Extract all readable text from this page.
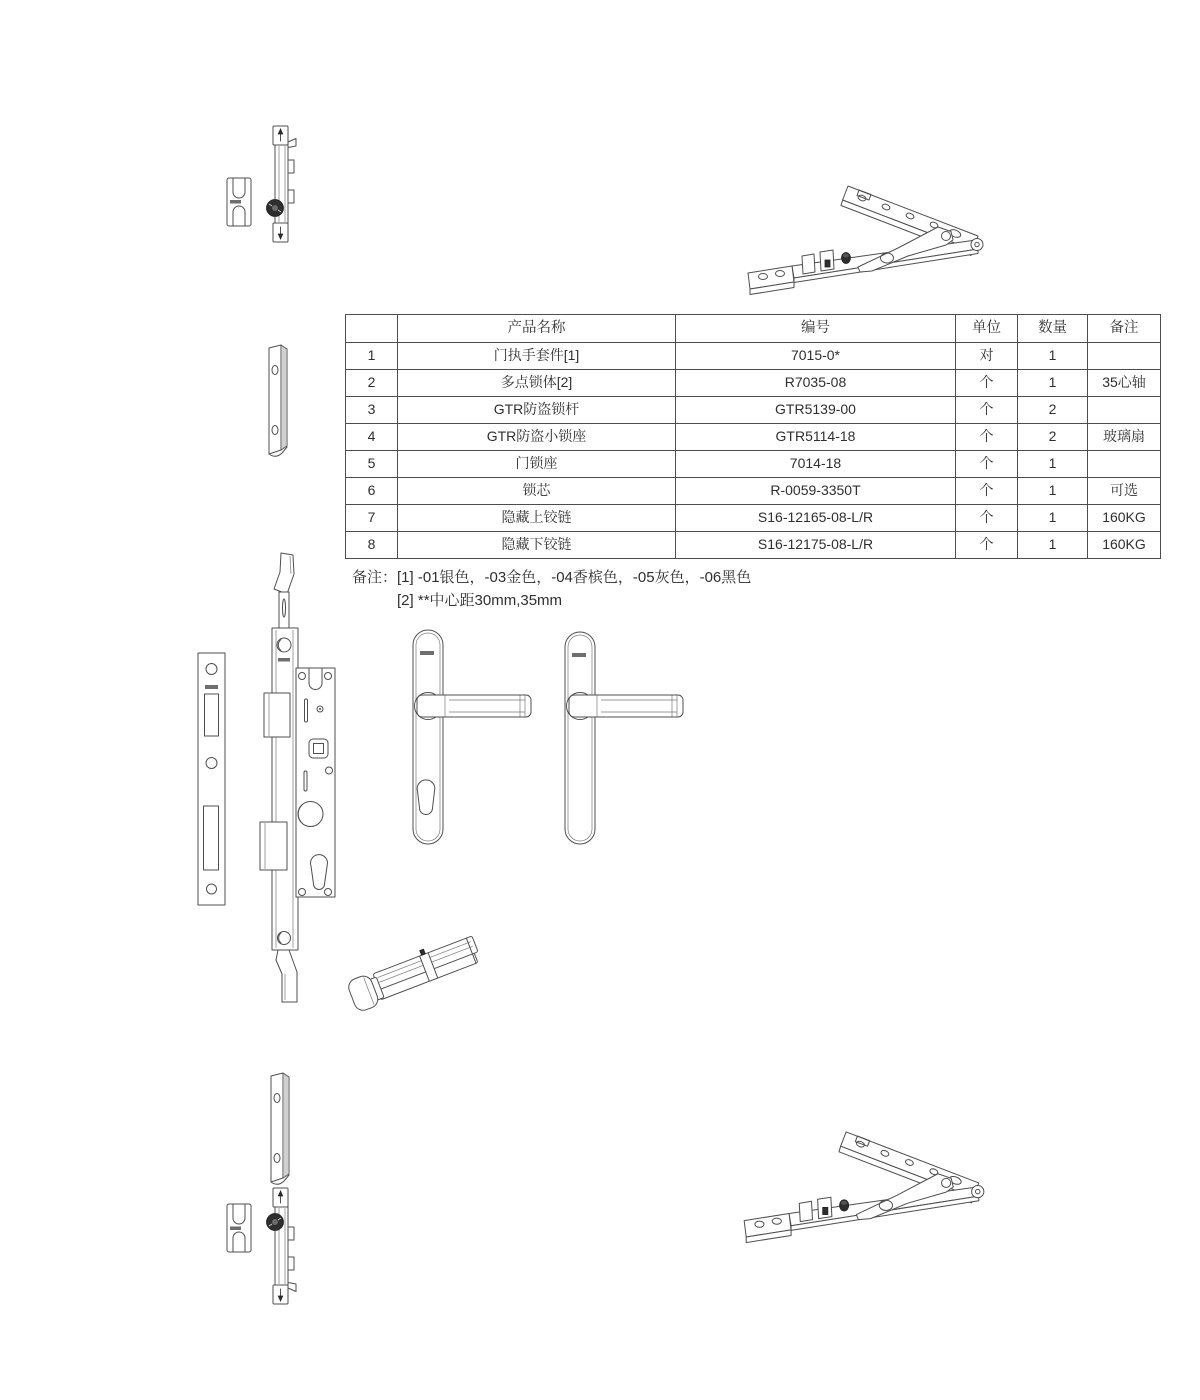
	产品名称	编号	单位	数量	备注
1	门执手套件[1]	7015-0*	对	1	
2	多点锁体[2]	R7035-08	个	1	35心轴
3	GTR防盗锁杆	GTR5139-00	个	2	
4	GTR防盗小锁座	GTR5114-18	个	2	玻璃扇
5	门锁座	7014-18	个	1	
6	锁芯	R-0059-3350T	个	1	可选
7	隐藏上铰链	S16-12165-08-L/R	个	1	160KG
8	隐藏下铰链	S16-12175-08-L/R	个	1	160KG
备注： [1] -01银色，-03金色，-04香槟色，-05灰色，-06黑色
[2] **中心距30mm,35mm
